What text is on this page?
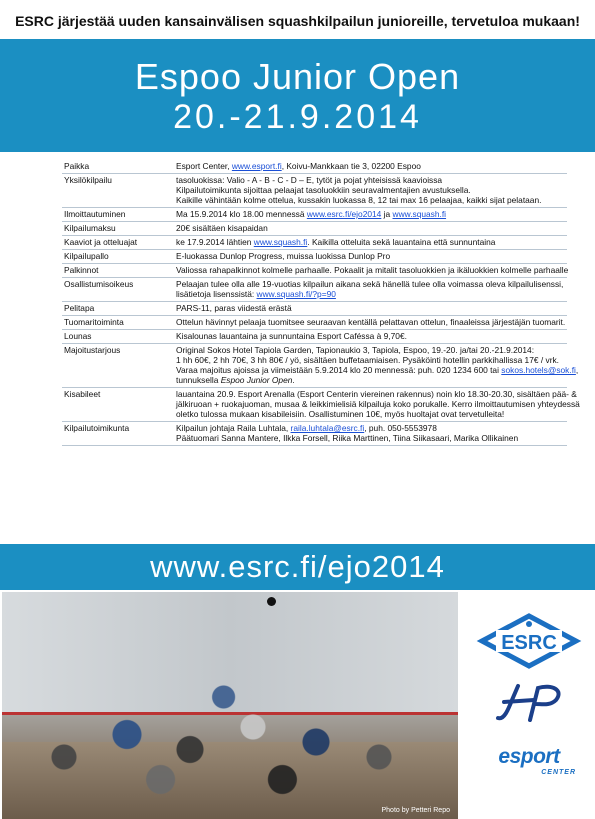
ESRC järjestää uuden kansainvälisen squashkilpailun junioreille, tervetuloa mukaan!
Espoo Junior Open
20.-21.9.2014
Paikka	Esport Center, www.esport.fi, Koivu-Mankkaan tie 3, 02200 Espoo
Yksilökilpailu	tasoluokissa: Valio - A - B - C - D – E, tytöt ja pojat yhteisissä kaavioissa
Kilpailutoimikunta sijoittaa pelaajat tasoluokkiin seuravalmentajien avustuksella.
Kaikille vähintään kolme ottelua, kussakin luokassa 8, 12 tai max 16 pelaajaa, kaikki sijat pelataan.
Ilmoittautuminen	Ma 15.9.2014 klo 18.00 mennessä www.esrc.fi/ejo2014 ja www.squash.fi
Kilpailumaksu	20€ sisältäen kisapaidan
Kaaviot ja otteluajat	ke 17.9.2014 lähtien www.squash.fi. Kaikilla otteluita sekä lauantaina että sunnuntaina
Kilpailupallo	E-luokassa Dunlop Progress, muissa luokissa Dunlop Pro
Palkinnot	Valiossa rahapalkinnot kolmelle parhaalle. Pokaalit ja mitalit tasoluokkien ja ikäluokkien kolmelle parhaalle
Osallistumisoikeus	Pelaajan tulee olla alle 19-vuotias kilpailun aikana sekä hänellä tulee olla voimassa oleva kilpailulisenssi,
lisätietoja lisenssistä: www.squash.fi/?p=90
Pelitapa	PARS-11, paras viidestä erästä
Tuomaritoiminta	Ottelun hävinnyt pelaaja tuomitsee seuraavan kentällä pelattavan ottelun, finaaleissa järjestäjän tuomarit.
Lounas	Kisalounas lauantaina ja sunnuntaina Esport Caféssa à 9,70€.
Majoitustarjous	Original Sokos Hotel Tapiola Garden, Tapionaukio 3, Tapiola, Espoo, 19.-20. ja/tai 20.-21.9.2014:
1 hh 60€, 2 hh 70€, 3 hh 80€ / yö, sisältäen buffetaamiaisen. Pysäköinti hotellin parkkihallissa 17€ / vrk.
Varaa majoitus ajoissa ja viimeistään 5.9.2014 klo 20 mennessä: puh. 020 1234 600 tai sokos.hotels@sok.fi,
tunnuksella Espoo Junior Open.
Kisabileet	lauantaina 20.9. Esport Arenalla (Esport Centerin viereinen rakennus) noin klo 18.30-20.30, sisältäen pää- &
jälkiruoan + ruokajuoman, musaa & leikkimielisiä kilpailuja koko porukalle. Kerro ilmoittautumisen yhteydessä
oletko tulossa mukaan kisabileisiin. Osallistuminen 10€, myös huoltajat ovat tervetulleita!
Kilpailutoimikunta	Kilpailun johtaja Raila Luhtala, raila.luhtala@esrc.fi, puh. 050-5553978
Päätuomari Sanna Mantere, Ilkka Forsell, Riika Marttinen, Tiina Siikasaari, Marika Ollikainen
www.esrc.fi/ejo2014
Photo by Petteri Repo
ESRC
esport
CENTER
